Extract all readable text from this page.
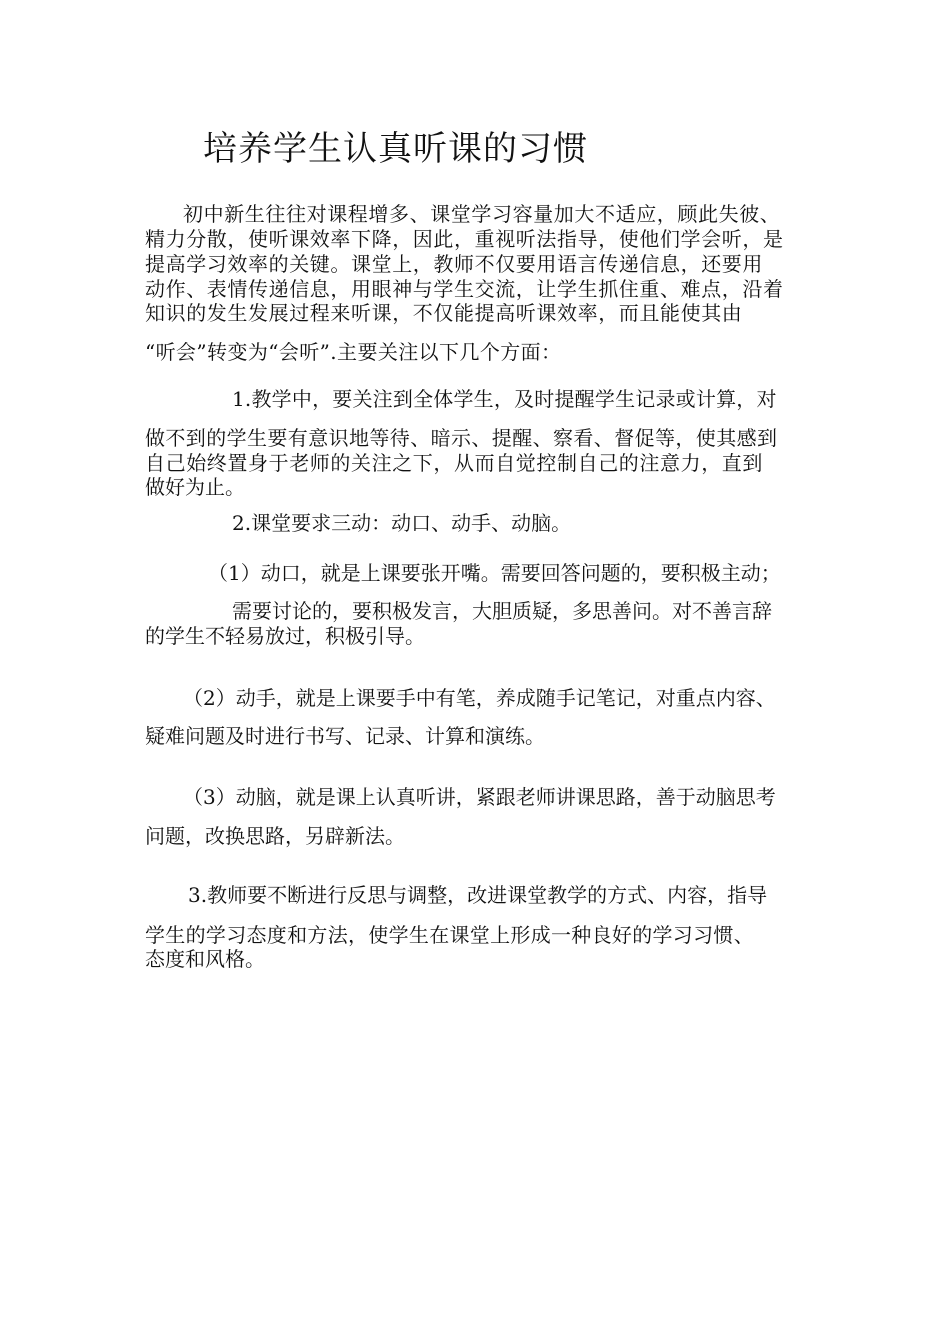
培养学生认真听课的习惯

初中新生往往对课程增多、课堂学习容量加大不适应，顾此失彼、

精力分散，使听课效率下降，因此，重视听法指导，使他们学会听，是

提高学习效率的关键。课堂上，教师不仅要用语言传递信息，还要用

动作、表情传递信息，用眼神与学生交流，让学生抓住重、难点，沿着

知识的发生发展过程来听课，不仅能提高听课效率，而且能使其由

“听会”转变为“会听”.主要关注以下几个方面：

1.教学中，要关注到全体学生，及时提醒学生记录或计算，对

做不到的学生要有意识地等待、暗示、提醒、察看、督促等，使其感到

自己始终置身于老师的关注之下，从而自觉控制自己的注意力，直到

做好为止。

2.课堂要求三动：动口、动手、动脑。

（1）动口，就是上课要张开嘴。需要回答问题的，要积极主动；

需要讨论的，要积极发言，大胆质疑，多思善问。对不善言辞

的学生不轻易放过，积极引导。

（2）动手，就是上课要手中有笔，养成随手记笔记，对重点内容、

疑难问题及时进行书写、记录、计算和演练。

（3）动脑，就是课上认真听讲，紧跟老师讲课思路，善于动脑思考

问题，改换思路，另辟新法。

3.教师要不断进行反思与调整，改进课堂教学的方式、内容，指导

学生的学习态度和方法，使学生在课堂上形成一种良好的学习习惯、

态度和风格。
